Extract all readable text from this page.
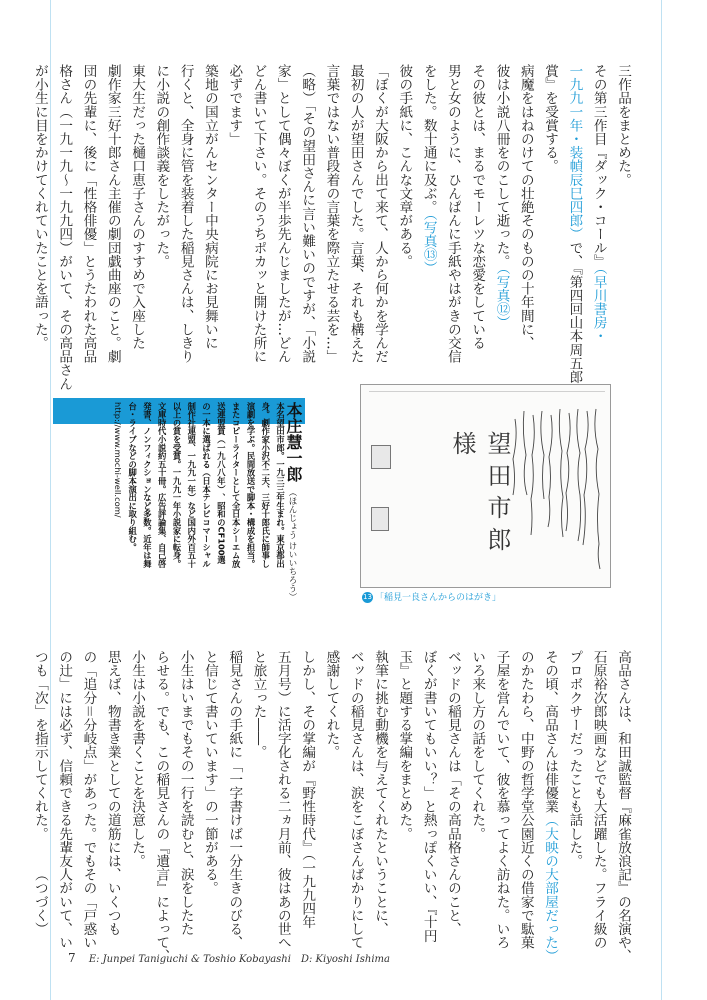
三作品をまとめた。
その第三作目『ダック・コール』（早川書房・
一九九一年・装幀辰巳四郎）で、『第四回山本周五郎
賞』を受賞する。
病魔をはねのけての壮絶そのものの十年間に、
彼は小説八冊をのこして逝った。（写真⑫）
その彼とは、まるでモーレツな恋愛をしている
男と女のように、ひんぱんに手紙やはがきの交信
をした。数十通に及ぶ。（写真⑬）
彼の手紙に、こんな文章がある。
「ぼくが大阪から出て来て、人から何かを学んだ
最初の人が望田さんでした。言葉、それも構えた
言葉ではない普段着の言葉を際立たせる芸を…」
（略）「その望田さんに言い難いのですが、「小説
家」として偶々ぼくが半歩先んじましたが…どん
どん書いて下さい。そのうちポカッと開けた所に
必ずでます」
築地の国立がんセンター中央病院にお見舞いに
行くと、全身に管を装着した稲見さんは、しきり
に小説の創作談義をしたがった。
東大生だった樋口恵子さんのすすめで入座した
劇作家三好十郎さん主催の劇団戯曲座のこと。劇
団の先輩に、後に「性格俳優」とうたわれた高品
格さん（一九一九〜一九九四）がいて、その高品さん
が小生に目をかけてくれていたことを語った。
望田市郎様
13 「稲見一良さんからのはがき」
本庄慧一郎
（ほんじょう けいいちろう）
本名望田市郎。一九三三年生まれ。東京都出
身。劇作家小沢不二夫、三好十郎氏に師事し
演劇を学ぶ。民間放送で脚本・構成を担当。
またコピーライターとして全日本シーエム放
送連盟賞（一九八八年）、昭和のCF100選
の一本に選ばれる（日本テレビコマーシャル
制作社連盟、一九九一年）など国内外百五十
以上の賞を受賞。一九九一年小説家に転身。
文庫時代小説約五十冊。広告評論集、自己啓
発書、ノンフィクションなど多数。近年は舞
台・ライブなどの脚本演出に取り組む。
http://www.mochi-well.com/
高品さんは、和田誠監督『麻雀放浪記』の名演や、
石原裕次郎映画などでも大活躍した。フライ級の
プロボクサーだったことも話した。
その頃、高品さんは俳優業（大映の大部屋だった）
のかたわら、中野の哲学堂公園近くの借家で駄菓
子屋を営んでいて、彼を慕ってよく訪ねた。いろ
いろ来し方の話をしてくれた。
ベッドの稲見さんは「その高品格さんのこと、
ぼくが書いてもいい？」と熱っぽくいい、『十円
玉』と題する掌編をまとめた。
執筆に挑む動機を与えてくれたということに、
ベッドの稲見さんは、涙をこぼさんばかりにして
感謝してくれた。
しかし、その掌編が『野性時代』（一九九四年
五月号）に活字化される二ヵ月前、彼はあの世へ
と旅立った――。
稲見さんの手紙に「一字書けば一分生きのびる、
と信じて書いています」の一節がある。
小生はいまでもその一行を読むと、涙をしたた
らせる。でも、この稲見さんの『遺言』によって、
小生は小説を書くことを決意した。
思えば、物書き業としての道筋には、いくつも
の「追分＝分岐点」があった。でもその「戸惑い
の辻」には必ず、信頼できる先輩友人がいて、い
つも「次」を指示してくれた。　　　（つづく）
7 E: Junpei Taniguchi & Toshio Kobayashi　D: Kiyoshi Ishima
